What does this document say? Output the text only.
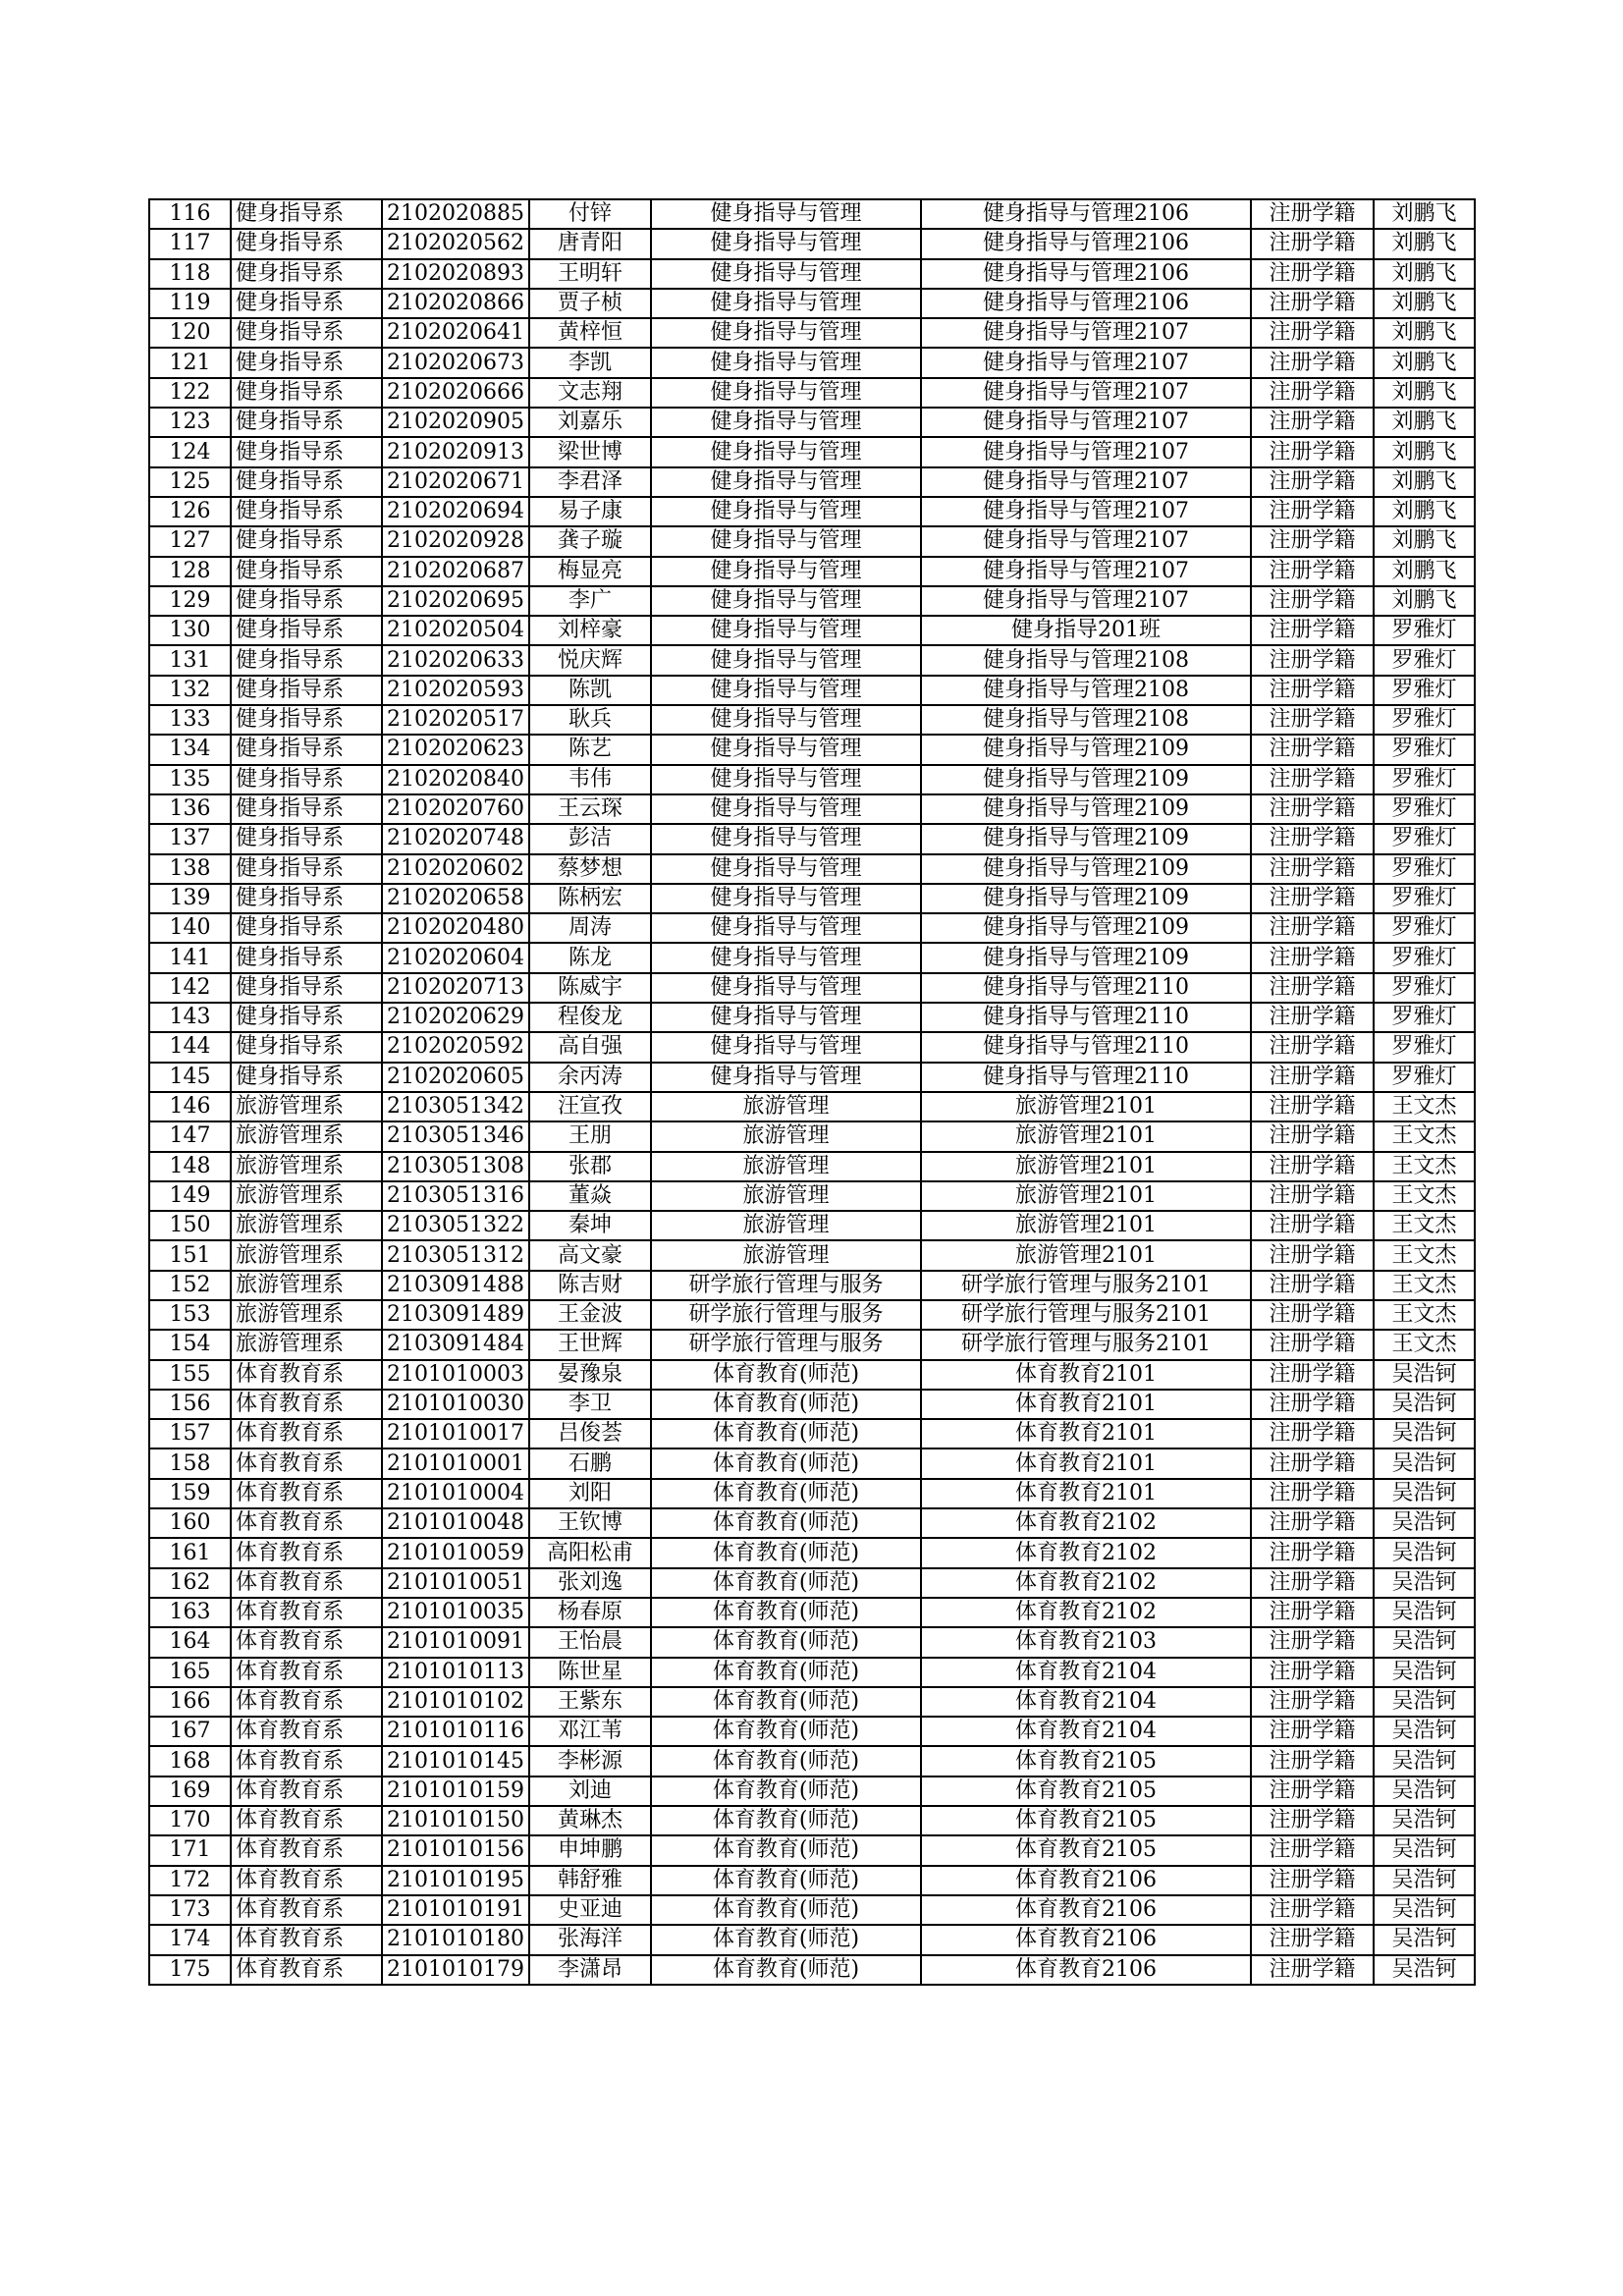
116	健身指导系	2102020885	付锌	健身指导与管理	健身指导与管理2106	注册学籍	刘鹏飞
117	健身指导系	2102020562	唐青阳	健身指导与管理	健身指导与管理2106	注册学籍	刘鹏飞
118	健身指导系	2102020893	王明轩	健身指导与管理	健身指导与管理2106	注册学籍	刘鹏飞
119	健身指导系	2102020866	贾子桢	健身指导与管理	健身指导与管理2106	注册学籍	刘鹏飞
120	健身指导系	2102020641	黄梓恒	健身指导与管理	健身指导与管理2107	注册学籍	刘鹏飞
121	健身指导系	2102020673	李凯	健身指导与管理	健身指导与管理2107	注册学籍	刘鹏飞
122	健身指导系	2102020666	文志翔	健身指导与管理	健身指导与管理2107	注册学籍	刘鹏飞
123	健身指导系	2102020905	刘嘉乐	健身指导与管理	健身指导与管理2107	注册学籍	刘鹏飞
124	健身指导系	2102020913	梁世博	健身指导与管理	健身指导与管理2107	注册学籍	刘鹏飞
125	健身指导系	2102020671	李君泽	健身指导与管理	健身指导与管理2107	注册学籍	刘鹏飞
126	健身指导系	2102020694	易子康	健身指导与管理	健身指导与管理2107	注册学籍	刘鹏飞
127	健身指导系	2102020928	龚子璇	健身指导与管理	健身指导与管理2107	注册学籍	刘鹏飞
128	健身指导系	2102020687	梅显亮	健身指导与管理	健身指导与管理2107	注册学籍	刘鹏飞
129	健身指导系	2102020695	李广	健身指导与管理	健身指导与管理2107	注册学籍	刘鹏飞
130	健身指导系	2102020504	刘梓豪	健身指导与管理	健身指导201班	注册学籍	罗雅灯
131	健身指导系	2102020633	悦庆辉	健身指导与管理	健身指导与管理2108	注册学籍	罗雅灯
132	健身指导系	2102020593	陈凯	健身指导与管理	健身指导与管理2108	注册学籍	罗雅灯
133	健身指导系	2102020517	耿兵	健身指导与管理	健身指导与管理2108	注册学籍	罗雅灯
134	健身指导系	2102020623	陈艺	健身指导与管理	健身指导与管理2109	注册学籍	罗雅灯
135	健身指导系	2102020840	韦伟	健身指导与管理	健身指导与管理2109	注册学籍	罗雅灯
136	健身指导系	2102020760	王云琛	健身指导与管理	健身指导与管理2109	注册学籍	罗雅灯
137	健身指导系	2102020748	彭洁	健身指导与管理	健身指导与管理2109	注册学籍	罗雅灯
138	健身指导系	2102020602	蔡梦想	健身指导与管理	健身指导与管理2109	注册学籍	罗雅灯
139	健身指导系	2102020658	陈柄宏	健身指导与管理	健身指导与管理2109	注册学籍	罗雅灯
140	健身指导系	2102020480	周涛	健身指导与管理	健身指导与管理2109	注册学籍	罗雅灯
141	健身指导系	2102020604	陈龙	健身指导与管理	健身指导与管理2109	注册学籍	罗雅灯
142	健身指导系	2102020713	陈威宇	健身指导与管理	健身指导与管理2110	注册学籍	罗雅灯
143	健身指导系	2102020629	程俊龙	健身指导与管理	健身指导与管理2110	注册学籍	罗雅灯
144	健身指导系	2102020592	高自强	健身指导与管理	健身指导与管理2110	注册学籍	罗雅灯
145	健身指导系	2102020605	余丙涛	健身指导与管理	健身指导与管理2110	注册学籍	罗雅灯
146	旅游管理系	2103051342	汪宣孜	旅游管理	旅游管理2101	注册学籍	王文杰
147	旅游管理系	2103051346	王朋	旅游管理	旅游管理2101	注册学籍	王文杰
148	旅游管理系	2103051308	张郡	旅游管理	旅游管理2101	注册学籍	王文杰
149	旅游管理系	2103051316	董焱	旅游管理	旅游管理2101	注册学籍	王文杰
150	旅游管理系	2103051322	秦坤	旅游管理	旅游管理2101	注册学籍	王文杰
151	旅游管理系	2103051312	高文豪	旅游管理	旅游管理2101	注册学籍	王文杰
152	旅游管理系	2103091488	陈吉财	研学旅行管理与服务	研学旅行管理与服务2101	注册学籍	王文杰
153	旅游管理系	2103091489	王金波	研学旅行管理与服务	研学旅行管理与服务2101	注册学籍	王文杰
154	旅游管理系	2103091484	王世辉	研学旅行管理与服务	研学旅行管理与服务2101	注册学籍	王文杰
155	体育教育系	2101010003	晏豫泉	体育教育(师范)	体育教育2101	注册学籍	吴浩钶
156	体育教育系	2101010030	李卫	体育教育(师范)	体育教育2101	注册学籍	吴浩钶
157	体育教育系	2101010017	吕俊荟	体育教育(师范)	体育教育2101	注册学籍	吴浩钶
158	体育教育系	2101010001	石鹏	体育教育(师范)	体育教育2101	注册学籍	吴浩钶
159	体育教育系	2101010004	刘阳	体育教育(师范)	体育教育2101	注册学籍	吴浩钶
160	体育教育系	2101010048	王钦博	体育教育(师范)	体育教育2102	注册学籍	吴浩钶
161	体育教育系	2101010059	高阳松甫	体育教育(师范)	体育教育2102	注册学籍	吴浩钶
162	体育教育系	2101010051	张刘逸	体育教育(师范)	体育教育2102	注册学籍	吴浩钶
163	体育教育系	2101010035	杨春原	体育教育(师范)	体育教育2102	注册学籍	吴浩钶
164	体育教育系	2101010091	王怡晨	体育教育(师范)	体育教育2103	注册学籍	吴浩钶
165	体育教育系	2101010113	陈世星	体育教育(师范)	体育教育2104	注册学籍	吴浩钶
166	体育教育系	2101010102	王紫东	体育教育(师范)	体育教育2104	注册学籍	吴浩钶
167	体育教育系	2101010116	邓江苇	体育教育(师范)	体育教育2104	注册学籍	吴浩钶
168	体育教育系	2101010145	李彬源	体育教育(师范)	体育教育2105	注册学籍	吴浩钶
169	体育教育系	2101010159	刘迪	体育教育(师范)	体育教育2105	注册学籍	吴浩钶
170	体育教育系	2101010150	黄琳杰	体育教育(师范)	体育教育2105	注册学籍	吴浩钶
171	体育教育系	2101010156	申坤鹏	体育教育(师范)	体育教育2105	注册学籍	吴浩钶
172	体育教育系	2101010195	韩舒雅	体育教育(师范)	体育教育2106	注册学籍	吴浩钶
173	体育教育系	2101010191	史亚迪	体育教育(师范)	体育教育2106	注册学籍	吴浩钶
174	体育教育系	2101010180	张海洋	体育教育(师范)	体育教育2106	注册学籍	吴浩钶
175	体育教育系	2101010179	李潇昂	体育教育(师范)	体育教育2106	注册学籍	吴浩钶
